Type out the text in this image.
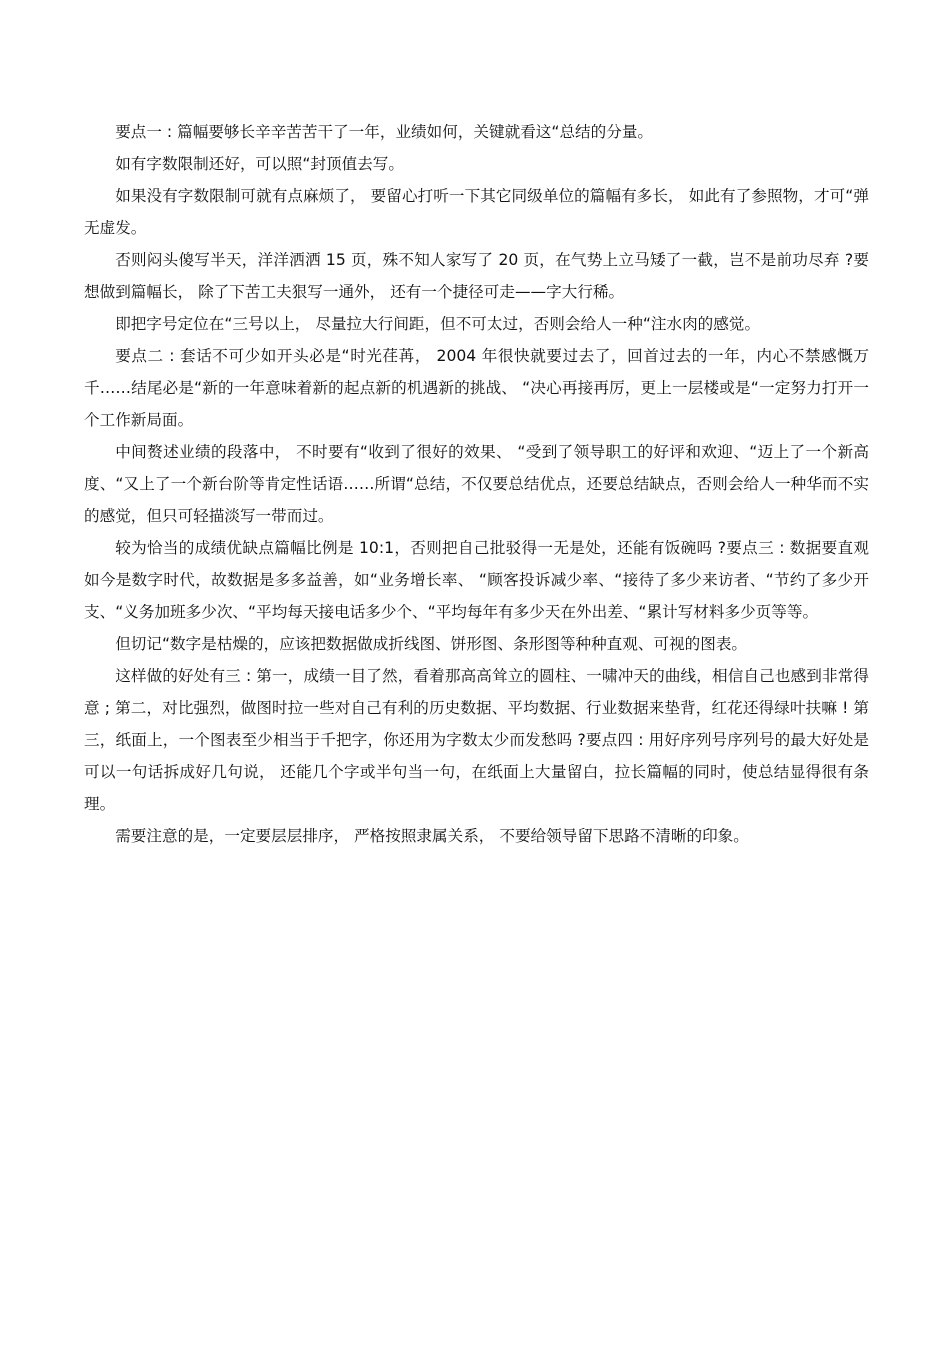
要点一 : 篇幅要够长辛辛苦苦干了一年，业绩如何，关键就看这“总结的分量。

如有字数限制还好，可以照“封顶值去写。

如果没有字数限制可就有点麻烦了， 要留心打听一下其它同级单位的篇幅有多长， 如此有了参照物，才可“弹无虚发。

否则闷头傻写半天，洋洋洒洒 15 页，殊不知人家写了 20 页，在气势上立马矮了一截，岂不是前功尽弃 ?要想做到篇幅长， 除了下苦工夫狠写一通外， 还有一个捷径可走——字大行稀。

即把字号定位在“三号以上， 尽量拉大行间距，但不可太过，否则会给人一种“注水肉的感觉。

要点二 : 套话不可少如开头必是“时光荏苒， 2004 年很快就要过去了，回首过去的一年，内心不禁感慨万千……结尾必是“新的一年意味着新的起点新的机遇新的挑战、 “决心再接再厉，更上一层楼或是“一定努力打开一个工作新局面。

中间赘述业绩的段落中， 不时要有“收到了很好的效果、 “受到了领导职工的好评和欢迎、“迈上了一个新高度、“又上了一个新台阶等肯定性话语……所谓“总结，不仅要总结优点，还要总结缺点，否则会给人一种华而不实的感觉，但只可轻描淡写一带而过。

较为恰当的成绩优缺点篇幅比例是 10:1，否则把自己批驳得一无是处，还能有饭碗吗 ?要点三 : 数据要直观如今是数字时代，故数据是多多益善，如“业务增长率、 “顾客投诉减少率、“接待了多少来访者、“节约了多少开支、“义务加班多少次、“平均每天接电话多少个、“平均每年有多少天在外出差、“累计写材料多少页等等。

但切记“数字是枯燥的，应该把数据做成折线图、饼形图、条形图等种种直观、可视的图表。

这样做的好处有三 : 第一，成绩一目了然，看着那高高耸立的圆柱、一啸冲天的曲线，相信自己也感到非常得意 ; 第二，对比强烈，做图时拉一些对自己有利的历史数据、平均数据、行业数据来垫背，红花还得绿叶扶嘛 ! 第三，纸面上，一个图表至少相当于千把字，你还用为字数太少而发愁吗 ?要点四 : 用好序列号序列号的最大好处是可以一句话拆成好几句说， 还能几个字或半句当一句，在纸面上大量留白，拉长篇幅的同时，使总结显得很有条理。

需要注意的是，一定要层层排序， 严格按照隶属关系， 不要给领导留下思路不清晰的印象。
